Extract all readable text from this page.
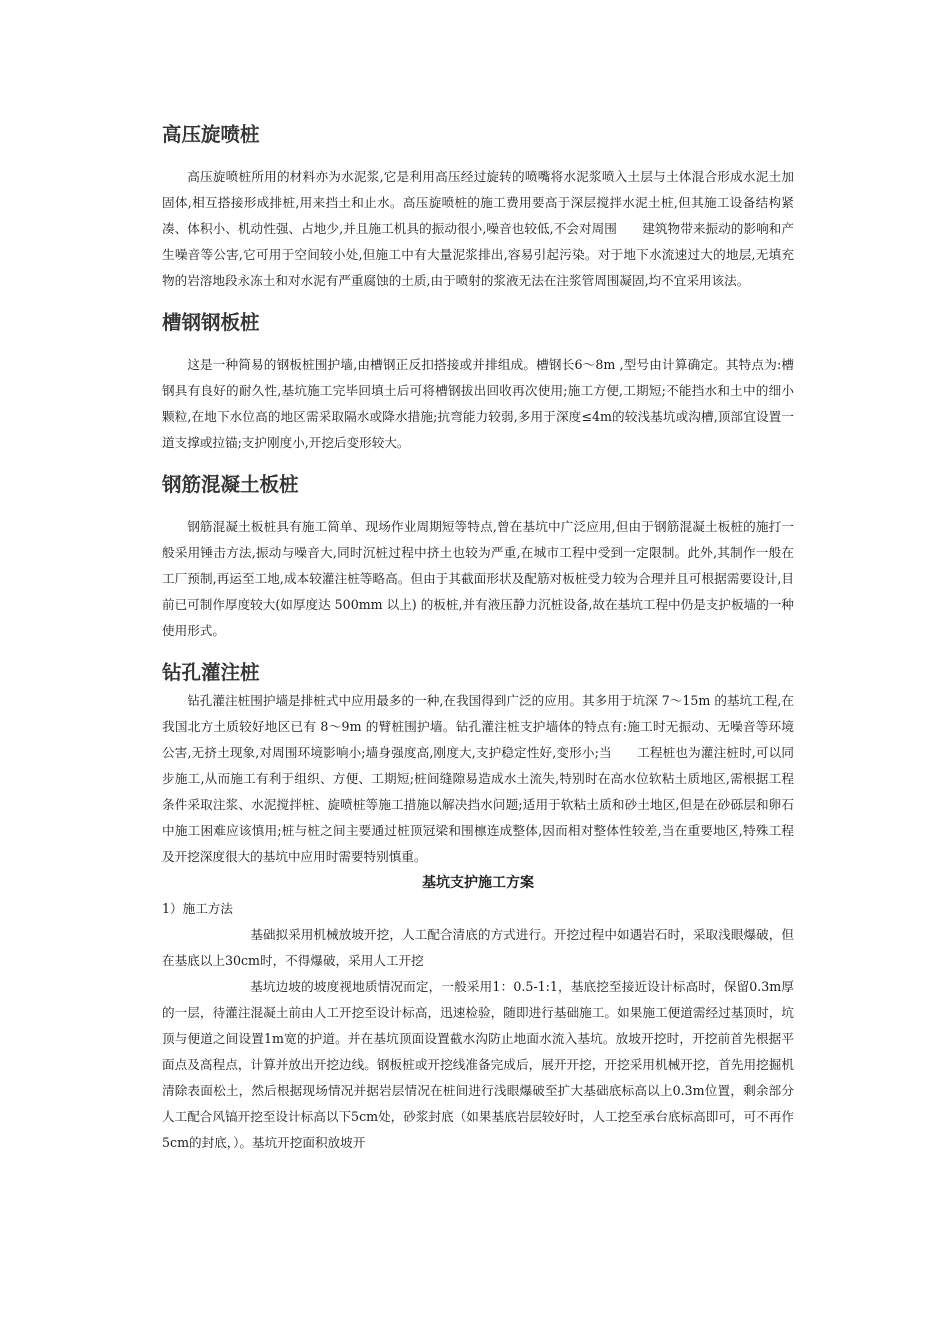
高压旋喷桩

高压旋喷桩所用的材料亦为水泥浆,它是利用高压经过旋转的喷嘴将水泥浆喷入土层与土体混合形成水泥土加固体,相互搭接形成排桩,用来挡土和止水。高压旋喷桩的施工费用要高于深层搅拌水泥土桩,但其施工设备结构紧凑、体积小、机动性强、占地少,并且施工机具的振动很小,噪音也较低,不会对周围　　建筑物带来振动的影响和产生噪音等公害,它可用于空间较小处,但施工中有大量泥浆排出,容易引起污染。对于地下水流速过大的地层,无填充物的岩溶地段永冻土和对水泥有严重腐蚀的土质,由于喷射的浆液无法在注浆管周围凝固,均不宜采用该法。

槽钢钢板桩

这是一种简易的钢板桩围护墙,由槽钢正反扣搭接或并排组成。槽钢长6～8m ,型号由计算确定。其特点为:槽钢具有良好的耐久性,基坑施工完毕回填土后可将槽钢拔出回收再次使用;施工方便,工期短;不能挡水和土中的细小颗粒,在地下水位高的地区需采取隔水或降水措施;抗弯能力较弱,多用于深度≤4m的较浅基坑或沟槽,顶部宜设置一道支撑或拉锚;支护刚度小,开挖后变形较大。

钢筋混凝土板桩

钢筋混凝土板桩具有施工简单、现场作业周期短等特点,曾在基坑中广泛应用,但由于钢筋混凝土板桩的施打一般采用锤击方法,振动与噪音大,同时沉桩过程中挤土也较为严重,在城市工程中受到一定限制。此外,其制作一般在工厂预制,再运至工地,成本较灌注桩等略高。但由于其截面形状及配筋对板桩受力较为合理并且可根据需要设计,目前已可制作厚度较大(如厚度达 500mm 以上) 的板桩,并有液压静力沉桩设备,故在基坑工程中仍是支护板墙的一种使用形式。

钻孔灌注桩

钻孔灌注桩围护墙是排桩式中应用最多的一种,在我国得到广泛的应用。其多用于坑深 7～15m 的基坑工程,在我国北方土质较好地区已有 8～9m 的臂桩围护墙。钻孔灌注桩支护墙体的特点有:施工时无振动、无噪音等环境公害,无挤土现象,对周围环境影响小;墙身强度高,刚度大,支护稳定性好,变形小;当　　工程桩也为灌注桩时,可以同步施工,从而施工有利于组织、方便、工期短;桩间缝隙易造成水土流失,特别时在高水位软粘土质地区,需根据工程条件采取注浆、水泥搅拌桩、旋喷桩等施工措施以解决挡水问题;适用于软粘土质和砂土地区,但是在砂砾层和卵石中施工困难应该慎用;桩与桩之间主要通过桩顶冠梁和围檩连成整体,因而相对整体性较差,当在重要地区,特殊工程及开挖深度很大的基坑中应用时需要特别慎重。

基坑支护施工方案

1）施工方法

基础拟采用机械放坡开挖，人工配合清底的方式进行。开挖过程中如遇岩石时，采取浅眼爆破，但在基底以上30cm时，不得爆破，采用人工开挖

基坑边坡的坡度视地质情况而定，一般采用1：0.5-1:1，基底挖至接近设计标高时，保留0.3m厚的一层，待灌注混凝土前由人工开挖至设计标高，迅速检验，随即进行基础施工。如果施工便道需经过基顶时，坑顶与便道之间设置1m宽的护道。并在基坑顶面设置截水沟防止地面水流入基坑。放坡开挖时，开挖前首先根据平面点及高程点，计算并放出开挖边线。钢板桩或开挖线准备完成后，展开开挖，开挖采用机械开挖，首先用挖掘机清除表面松土，然后根据现场情况并据岩层情况在桩间进行浅眼爆破至扩大基础底标高以上0.3m位置，剩余部分人工配合风镐开挖至设计标高以下5cm处，砂浆封底（如果基底岩层较好时，人工挖至承台底标高即可，可不再作5cm的封底，）。基坑开挖面积放坡开
